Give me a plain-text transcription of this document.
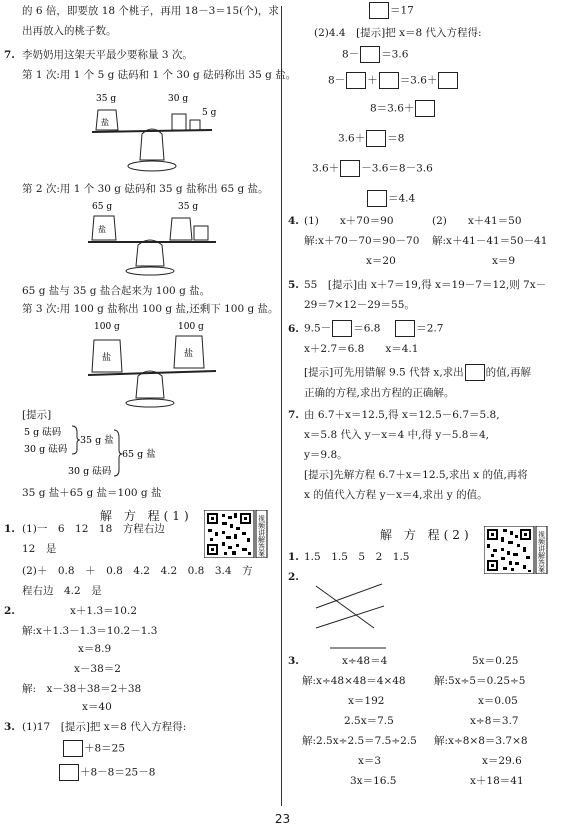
的 6 倍，即要放 18 个桃子，再用 18－3＝15(个)，求
出再放入的桃子数。
7. 李奶奶用这架天平最少要称量 3 次。
第 1 次:用 1 个 5 g 砝码和 1 个 30 g 砝码称出 35 g 盐。
35 g	30 g
5 g
盐
第 2 次:用 1 个 30 g 砝码和 35 g 盐称出 65 g 盐。
65 g	35 g
盐
65 g 盐与 35 g 盐合起来为 100 g 盐。
第 3 次:用 100 g 盐称出 100 g 盐,还剩下 100 g 盐。
100 g	100 g
盐	盐
[提示]
5 g 砝码
30 g 砝码
35 g 盐
30 g 砝码
65 g 盐
35 g 盐＋65 g 盐＝100 g 盐
解 方 程(1)	视频讲解答案
1. (1)一　6　12　18　方程右边
12　是
(2)＋　0.8　＋　0.8　4.2　4.2　0.8　3.4　方
程右边　4.2　是
2.	x＋1.3＝10.2
解:x＋1.3－1.3＝10.2－1.3
x＝8.9
x－38＝2
解:　x－38＋38＝2＋38
x＝40
3. (1)17　[提示]把 x＝8 代入方程得:
＋8＝25
＋8－8＝25－8
＝17
(2)4.4　[提示]把 x＝8 代入方程得:
8－ ＝3.6
8－ ＋ ＝3.6＋
8＝3.6＋
3.6＋ ＝8
3.6＋ －3.6＝8－3.6
＝4.4
4. (1)　　x＋70＝90	(2)　　x＋41＝50
解:x＋70－70＝90－70 解:x＋41－41＝50－41
x＝20	x＝9
5. 55　[提示]由 x＋7＝19,得 x＝19－7＝12,则 7x－
29＝7×12－29＝55。
6. 9.5－ ＝6.8　	＝2.7
x＋2.7＝6.8　　x＝4.1
[提示]可先用错解 9.5 代替 x,求出 的值,再解
正确的方程,求出方程的正确解。
7. 由 6.7＋x＝12.5,得 x＝12.5－6.7＝5.8,
x＝5.8 代入 y－x＝4 中,得 y－5.8＝4,
y＝9.8。
[提示]先解方程 6.7＋x＝12.5,求出 x 的值,再将
x 的值代入方程 y－x＝4,求出 y 的值。
解 方 程(2)	视频讲解答案
1. 1.5　1.5　5　2　1.5
2.
3.	x÷48＝4	5x＝0.25
解:x÷48×48＝4×48	解:5x÷5＝0.25÷5
x＝192	x＝0.05
2.5x＝7.5	x÷8＝3.7
解:2.5x÷2.5＝7.5÷2.5 解:x÷8×8＝3.7×8
x＝3	x＝29.6
3x＝16.5	x＋18＝41
23
